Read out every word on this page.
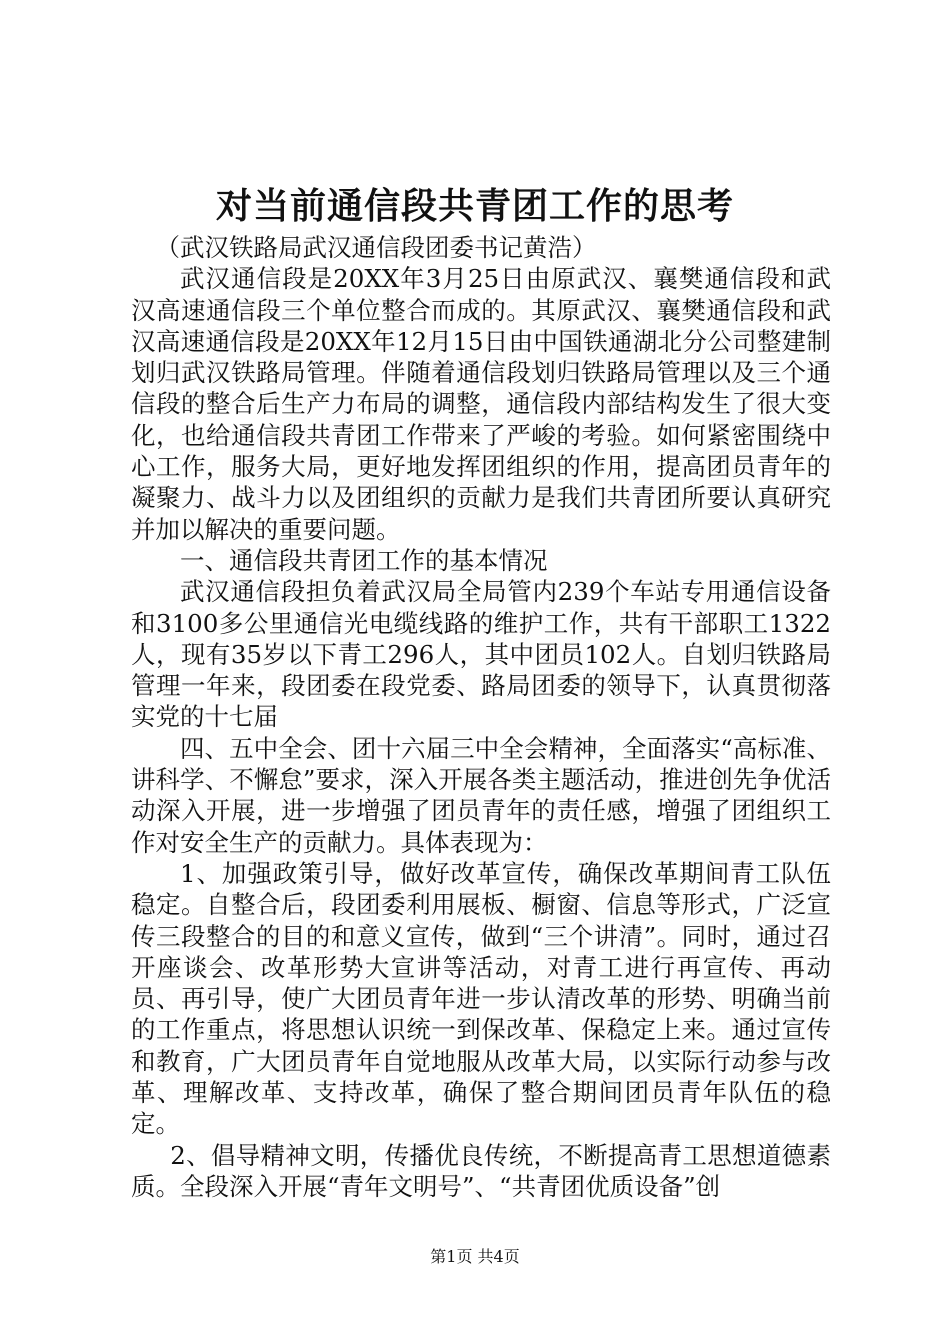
对当前通信段共青团工作的思考

（武汉铁路局武汉通信段团委书记黄浩）

武汉通信段是20XX年3月25日由原武汉、襄樊通信段和武汉高速通信段三个单位整合而成的。其原武汉、襄樊通信段和武汉高速通信段是20XX年12月15日由中国铁通湖北分公司整建制划归武汉铁路局管理。伴随着通信段划归铁路局管理以及三个通信段的整合后生产力布局的调整，通信段内部结构发生了很大变化，也给通信段共青团工作带来了严峻的考验。如何紧密围绕中心工作，服务大局，更好地发挥团组织的作用，提高团员青年的凝聚力、战斗力以及团组织的贡献力是我们共青团所要认真研究并加以解决的重要问题。

一、通信段共青团工作的基本情况

武汉通信段担负着武汉局全局管内239个车站专用通信设备和3100多公里通信光电缆线路的维护工作，共有干部职工1322人，现有35岁以下青工296人，其中团员102人。自划归铁路局管理一年来，段团委在段党委、路局团委的领导下，认真贯彻落实党的十七届

四、五中全会、团十六届三中全会精神，全面落实“高标准、讲科学、不懈怠”要求，深入开展各类主题活动，推进创先争优活动深入开展，进一步增强了团员青年的责任感，增强了团组织工作对安全生产的贡献力。具体表现为：

1、加强政策引导，做好改革宣传，确保改革期间青工队伍稳定。自整合后，段团委利用展板、橱窗、信息等形式，广泛宣传三段整合的目的和意义宣传，做到“三个讲清”。同时，通过召开座谈会、改革形势大宣讲等活动，对青工进行再宣传、再动员、再引导，使广大团员青年进一步认清改革的形势、明确当前的工作重点，将思想认识统一到保改革、保稳定上来。通过宣传和教育，广大团员青年自觉地服从改革大局，以实际行动参与改革、理解改革、支持改革，确保了整合期间团员青年队伍的稳定。

2、倡导精神文明，传播优良传统，不断提高青工思想道德素质。全段深入开展“青年文明号”、“共青团优质设备”创

第1页 共4页
